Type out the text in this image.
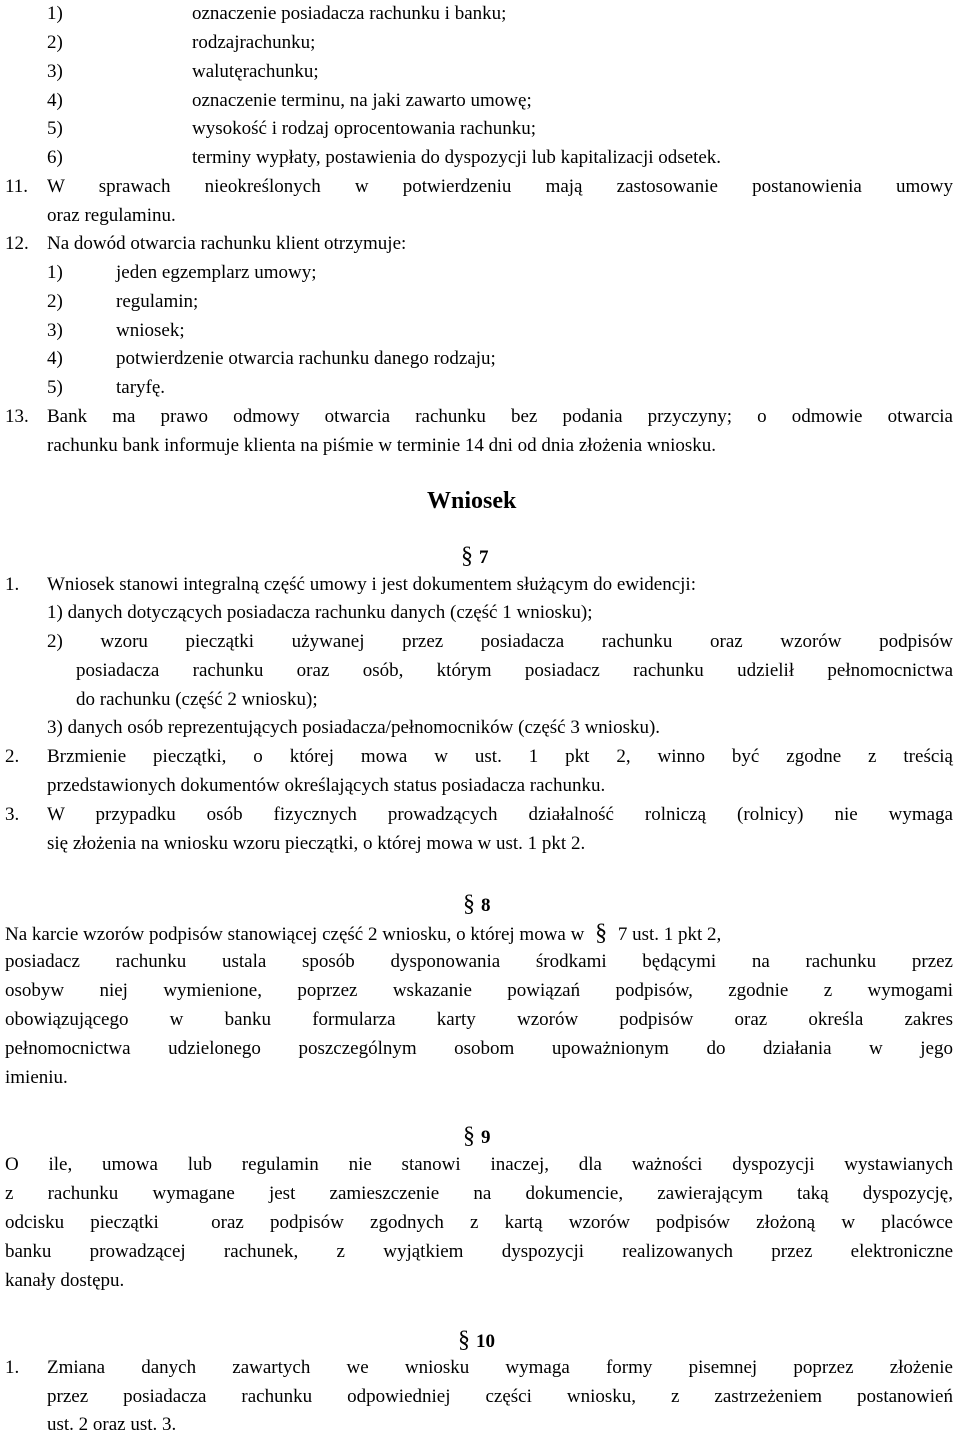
1)	oznaczenie posiadacza rachunku i banku;
2)	rodzajrachunku;
3)	walutęrachunku;
4)	oznaczenie terminu, na jaki zawarto umowę;
5)	wysokość i rodzaj oprocentowania rachunku;
6)	terminy wypłaty, postawienia do dyspozycji lub kapitalizacji odsetek.
11. W sprawach nieokreślonych w potwierdzeniu mają zastosowanie postanowienia umowy
oraz regulaminu.
12. Na dowód otwarcia rachunku klient otrzymuje:
1)	jeden egzemplarz umowy;
2)	regulamin;
3)	wniosek;
4)	potwierdzenie otwarcia rachunku danego rodzaju;
5)	taryfę.
13. Bank ma prawo odmowy otwarcia rachunku bez podania przyczyny; o odmowie otwarcia
rachunku bank informuje klienta na piśmie w terminie 14 dni od dnia złożenia wniosku.
Wniosek
§ 7
1. Wniosek stanowi integralną część umowy i jest dokumentem służącym do ewidencji:
1) danych dotyczących posiadacza rachunku danych (część 1 wniosku);
2) wzoru pieczątki używanej przez posiadacza rachunku oraz wzorów podpisów
posiadacza rachunku oraz osób, którym posiadacz rachunku udzielił pełnomocnictwa
do rachunku (część 2 wniosku);
3) danych osób reprezentujących posiadacza/pełnomocników (część 3 wniosku).
2. Brzmienie pieczątki, o której mowa w ust. 1 pkt 2, winno być zgodne z treścią
przedstawionych dokumentów określających status posiadacza rachunku.
3. W przypadku osób fizycznych prowadzących działalność rolniczą (rolnicy) nie wymaga
się złożenia na wniosku wzoru pieczątki, o której mowa w ust. 1 pkt 2.
§ 8
Na karcie wzorów podpisów stanowiącej część 2 wniosku, o której mowa w § 7 ust. 1 pkt 2,
posiadacz rachunku ustala sposób dysponowania środkami będącymi na rachunku przez
osobyw niej wymienione, poprzez wskazanie powiązań podpisów, zgodnie z wymogami
obowiązującego w banku formularza karty wzorów podpisów oraz określa zakres
pełnomocnictwa udzielonego poszczególnym osobom upoważnionym do działania w jego
imieniu.
§ 9
O ile, umowa lub regulamin nie stanowi inaczej, dla ważności dyspozycji wystawianych
z rachunku wymagane jest zamieszczenie na dokumencie, zawierającym taką dyspozycję,
odcisku pieczątki  oraz podpisów zgodnych z kartą wzorów podpisów złożoną w placówce
banku prowadzącej rachunek, z wyjątkiem dyspozycji realizowanych przez elektroniczne
kanały dostępu.
§ 10
1. Zmiana danych zawartych we wniosku wymaga formy pisemnej poprzez złożenie
przez posiadacza rachunku odpowiedniej części wniosku, z zastrzeżeniem postanowień
ust. 2 oraz ust. 3.
